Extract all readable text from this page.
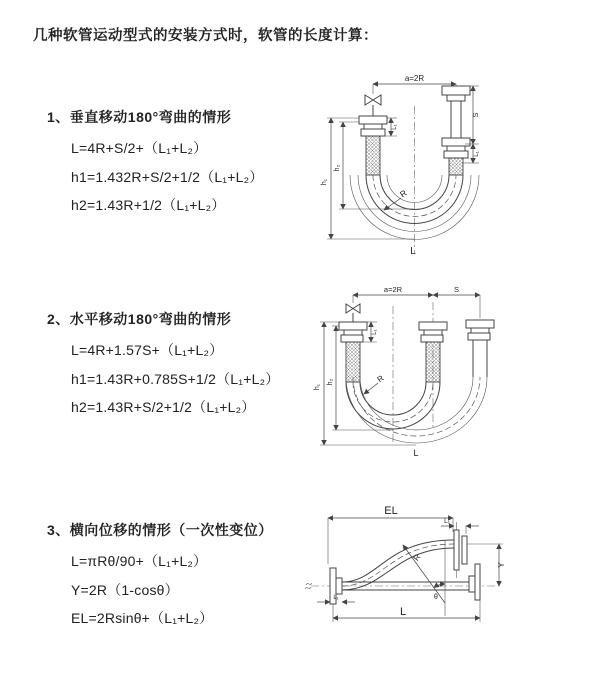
几种软管运动型式的安装方式时，软管的长度计算：
1、垂直移动180°弯曲的情形
L=4R+S/2+（L₁+L₂）
h1=1.432R+S/2+1/2（L₁+L₂）
h2=1.43R+1/2（L₁+L₂）
2、水平移动180°弯曲的情形
L=4R+1.57S+（L₁+L₂）
h1=1.43R+0.785S+1/2（L₁+L₂）
h2=1.43R+S/2+1/2（L₁+L₂）
3、横向位移的情形（一次性变位）
L=πRθ/90+（L₁+L₂）
Y=2R（1-cosθ）
EL=2Rsinθ+（L₁+L₂）
a=2R
h₁
h₂
S
L₁
L₁
R
L
a=2R	S
h₁
h₂
L₁
R
L
EL
L₁
R
θ
Y
L₁
L
